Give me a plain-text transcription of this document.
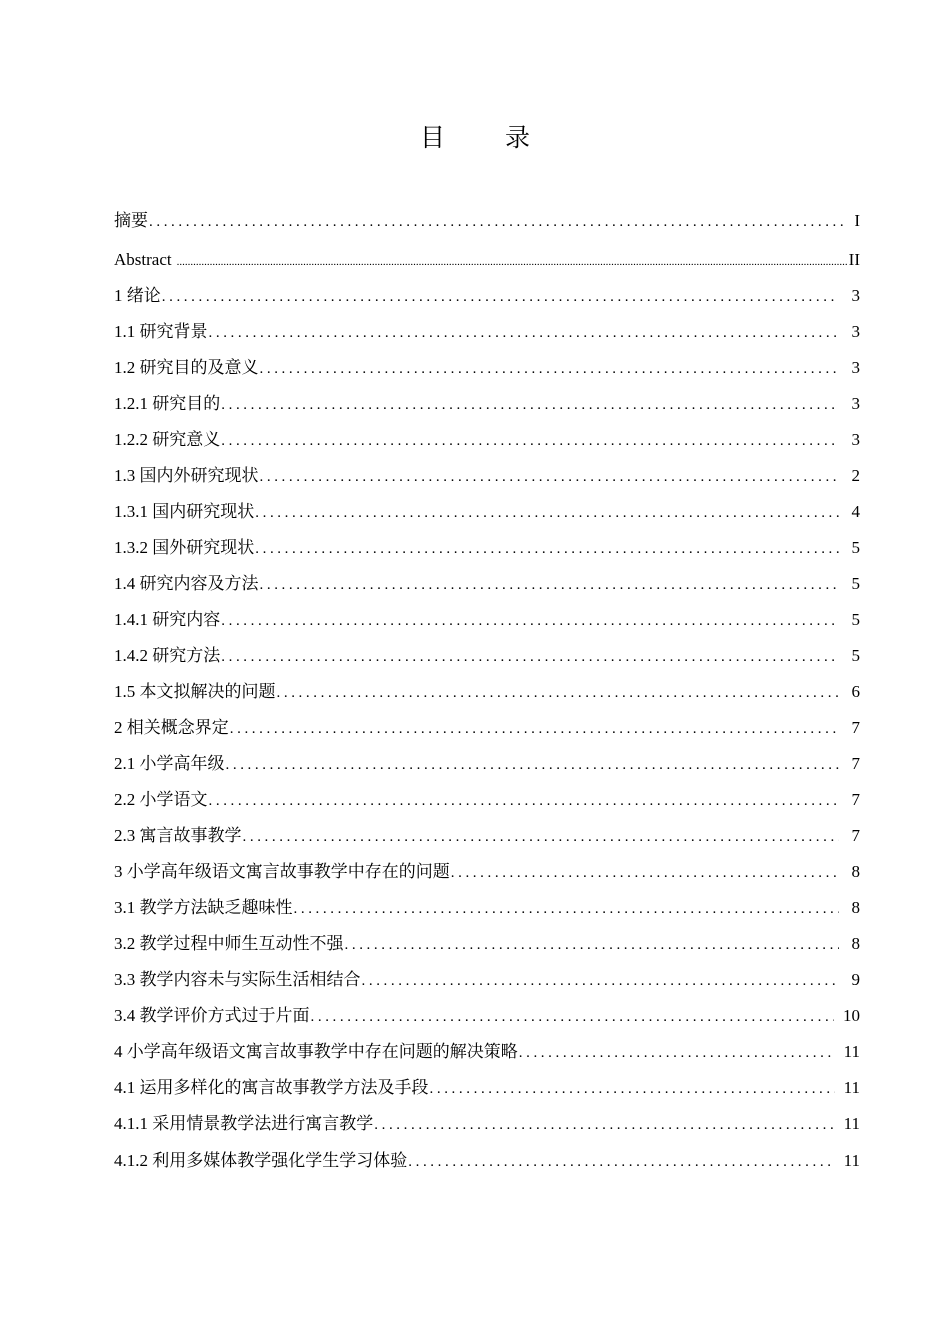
目 录
摘要 .....	I
Abstract .....	II
1 绪论 .....	3
1.1 研究背景 .....	3
1.2 研究目的及意义 .....	3
1.2.1 研究目的 .....	3
1.2.2 研究意义 .....	3
1.3 国内外研究现状 .....	2
1.3.1 国内研究现状 .....	4
1.3.2 国外研究现状 .....	5
1.4 研究内容及方法 .....	5
1.4.1 研究内容 .....	5
1.4.2 研究方法 .....	5
1.5 本文拟解决的问题 .....	6
2 相关概念界定 .....	7
2.1 小学高年级 .....	7
2.2 小学语文 .....	7
2.3 寓言故事教学 .....	7
3 小学高年级语文寓言故事教学中存在的问题 .....	8
3.1 教学方法缺乏趣味性 .....	8
3.2 教学过程中师生互动性不强 .....	8
3.3 教学内容未与实际生活相结合 .....	9
3.4 教学评价方式过于片面 .....	10
4 小学高年级语文寓言故事教学中存在问题的解决策略 .....	11
4.1 运用多样化的寓言故事教学方法及手段 .....	11
4.1.1 采用情景教学法进行寓言教学 .....	11
4.1.2 利用多媒体教学强化学生学习体验 .....	11
